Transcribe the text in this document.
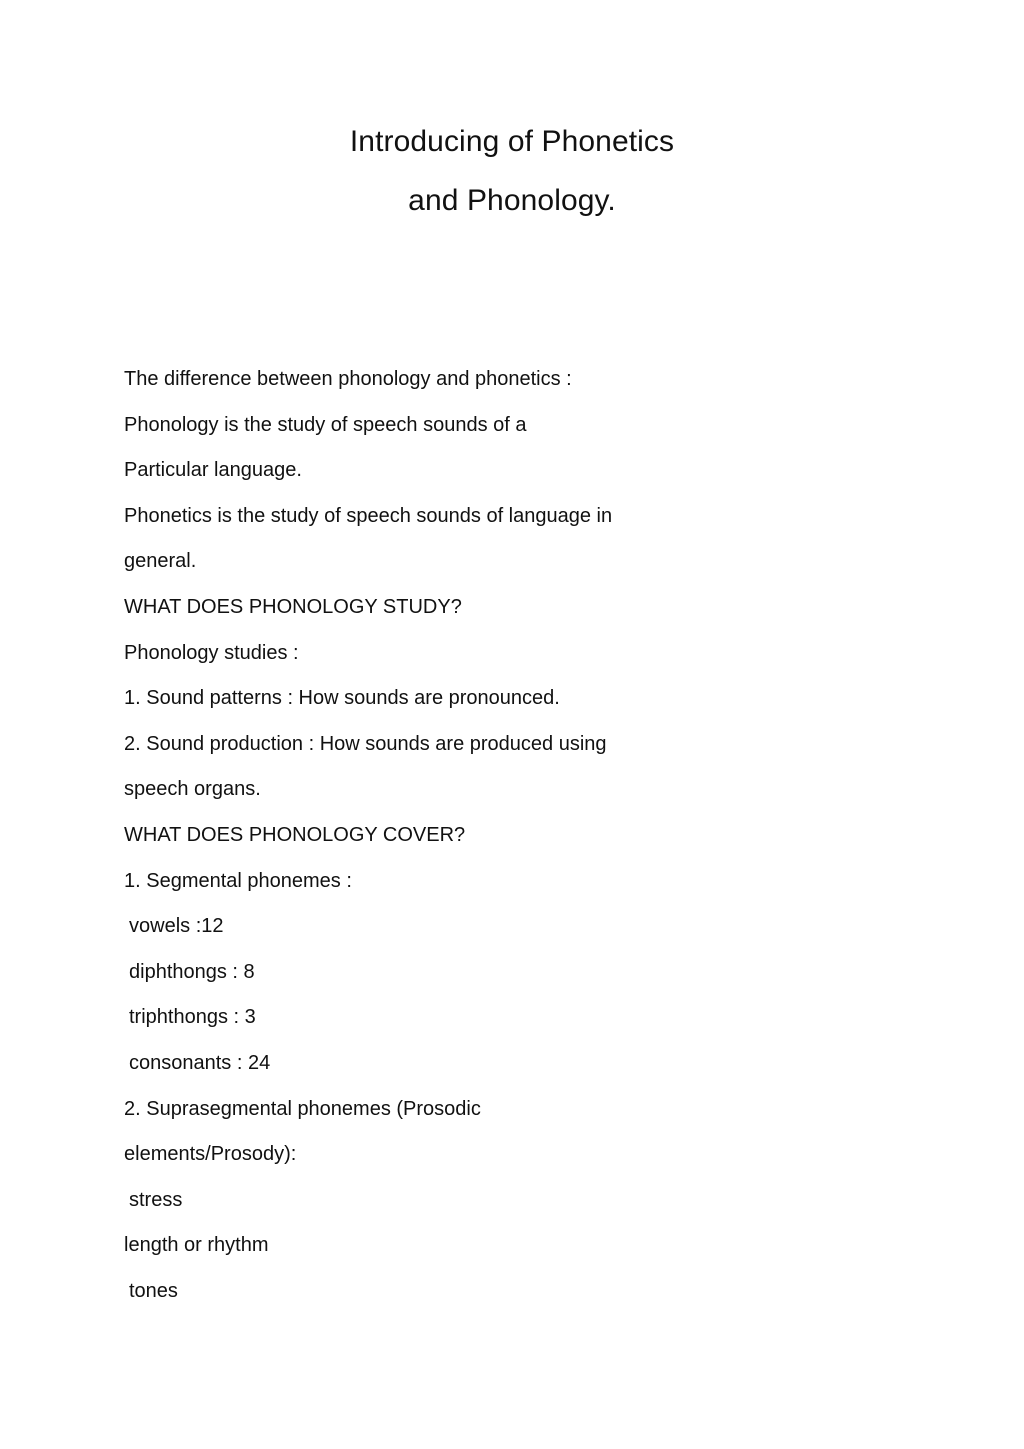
Introducing of Phonetics
and Phonology.
The difference between phonology and phonetics :
Phonology is the study of speech sounds of a
Particular language.
Phonetics is the study of speech sounds of language in
general.
WHAT DOES PHONOLOGY STUDY?
Phonology studies :
1. Sound patterns : How sounds are pronounced.
2. Sound production : How sounds are produced using
speech organs.
WHAT DOES PHONOLOGY COVER?
1. Segmental phonemes :
vowels :12
diphthongs : 8
triphthongs : 3
consonants : 24
2. Suprasegmental phonemes (Prosodic
elements/Prosody):
stress
length or rhythm
tones
